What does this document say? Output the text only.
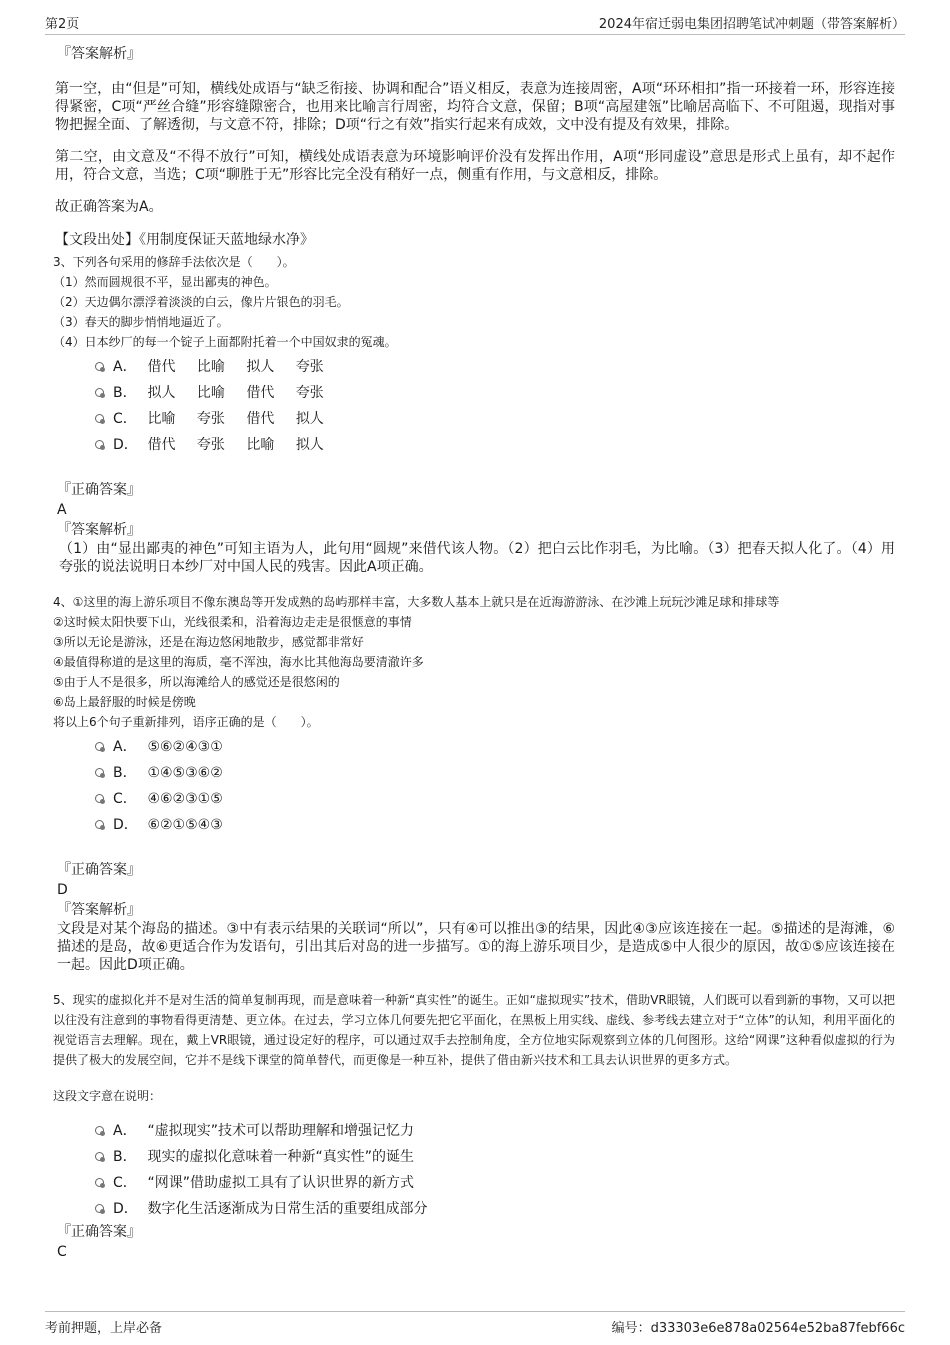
第2页	2024年宿迁弱电集团招聘笔试冲刺题（带答案解析）

『答案解析』

第一空，由“但是”可知，横线处成语与“缺乏衔接、协调和配合”语义相反，表意为连接周密，A项“环环相扣”指一环接着一环，形容连接得紧密，C项“严丝合缝”形容缝隙密合，也用来比喻言行周密，均符合文意，保留；B项“高屋建瓴”比喻居高临下、不可阻遏，现指对事物把握全面、了解透彻，与文意不符，排除；D项“行之有效”指实行起来有成效，文中没有提及有效果，排除。

第二空，由文意及“不得不放行”可知，横线处成语表意为环境影响评价没有发挥出作用，A项“形同虚设”意思是形式上虽有，却不起作用，符合文意，当选；C项“聊胜于无”形容比完全没有稍好一点，侧重有作用，与文意相反，排除。

故正确答案为A。

【文段出处】《用制度保证天蓝地绿水净》

3、下列各句采用的修辞手法依次是（　　）。

（1）然而圆规很不平，显出鄙夷的神色。

（2）天边偶尔漂浮着淡淡的白云，像片片银色的羽毛。

（3）春天的脚步悄悄地逼近了。

（4）日本纱厂的每一个锭子上面都附托着一个中国奴隶的冤魂。

A． 借代 比喻 拟人 夸张
B． 拟人 比喻 借代 夸张
C． 比喻 夸张 借代 拟人
D． 借代 夸张 比喻 拟人

『正确答案』

A

『答案解析』

（1）由“显出鄙夷的神色”可知主语为人，此句用“圆规”来借代该人物。（2）把白云比作羽毛，为比喻。（3）把春天拟人化了。（4）用夸张的说法说明日本纱厂对中国人民的残害。因此A项正确。

4、①这里的海上游乐项目不像东澳岛等开发成熟的岛屿那样丰富，大多数人基本上就只是在近海游游泳、在沙滩上玩玩沙滩足球和排球等

②这时候太阳快要下山，光线很柔和，沿着海边走走是很惬意的事情

③所以无论是游泳，还是在海边悠闲地散步，感觉都非常好

④最值得称道的是这里的海质，毫不浑浊，海水比其他海岛要清澈许多

⑤由于人不是很多，所以海滩给人的感觉还是很悠闲的

⑥岛上最舒服的时候是傍晚

将以上6个句子重新排列，语序正确的是（　　）。

A． ⑤⑥②④③①
B． ①④⑤③⑥②
C． ④⑥②③①⑤
D． ⑥②①⑤④③

『正确答案』

D

『答案解析』

文段是对某个海岛的描述。③中有表示结果的关联词“所以”，只有④可以推出③的结果，因此④③应该连接在一起。⑤描述的是海滩，⑥描述的是岛，故⑥更适合作为发语句，引出其后对岛的进一步描写。①的海上游乐项目少，是造成⑤中人很少的原因，故①⑤应该连接在一起。因此D项正确。

5、现实的虚拟化并不是对生活的简单复制再现，而是意味着一种新“真实性”的诞生。正如“虚拟现实”技术，借助VR眼镜，人们既可以看到新的事物，又可以把以往没有注意到的事物看得更清楚、更立体。在过去，学习立体几何要先把它平面化，在黑板上用实线、虚线、参考线去建立对于“立体”的认知，利用平面化的视觉语言去理解。现在，戴上VR眼镜，通过设定好的程序，可以通过双手去控制角度，全方位地实际观察到立体的几何图形。这给“网课”这种看似虚拟的行为提供了极大的发展空间，它并不是线下课堂的简单替代，而更像是一种互补，提供了借由新兴技术和工具去认识世界的更多方式。

这段文字意在说明：

A． “虚拟现实”技术可以帮助理解和增强记忆力
B． 现实的虚拟化意味着一种新“真实性”的诞生
C． “网课”借助虚拟工具有了认识世界的新方式
D． 数字化生活逐渐成为日常生活的重要组成部分

『正确答案』

C

考前押题，上岸必备	编号：d33303e6e878a02564e52ba87febf66c
